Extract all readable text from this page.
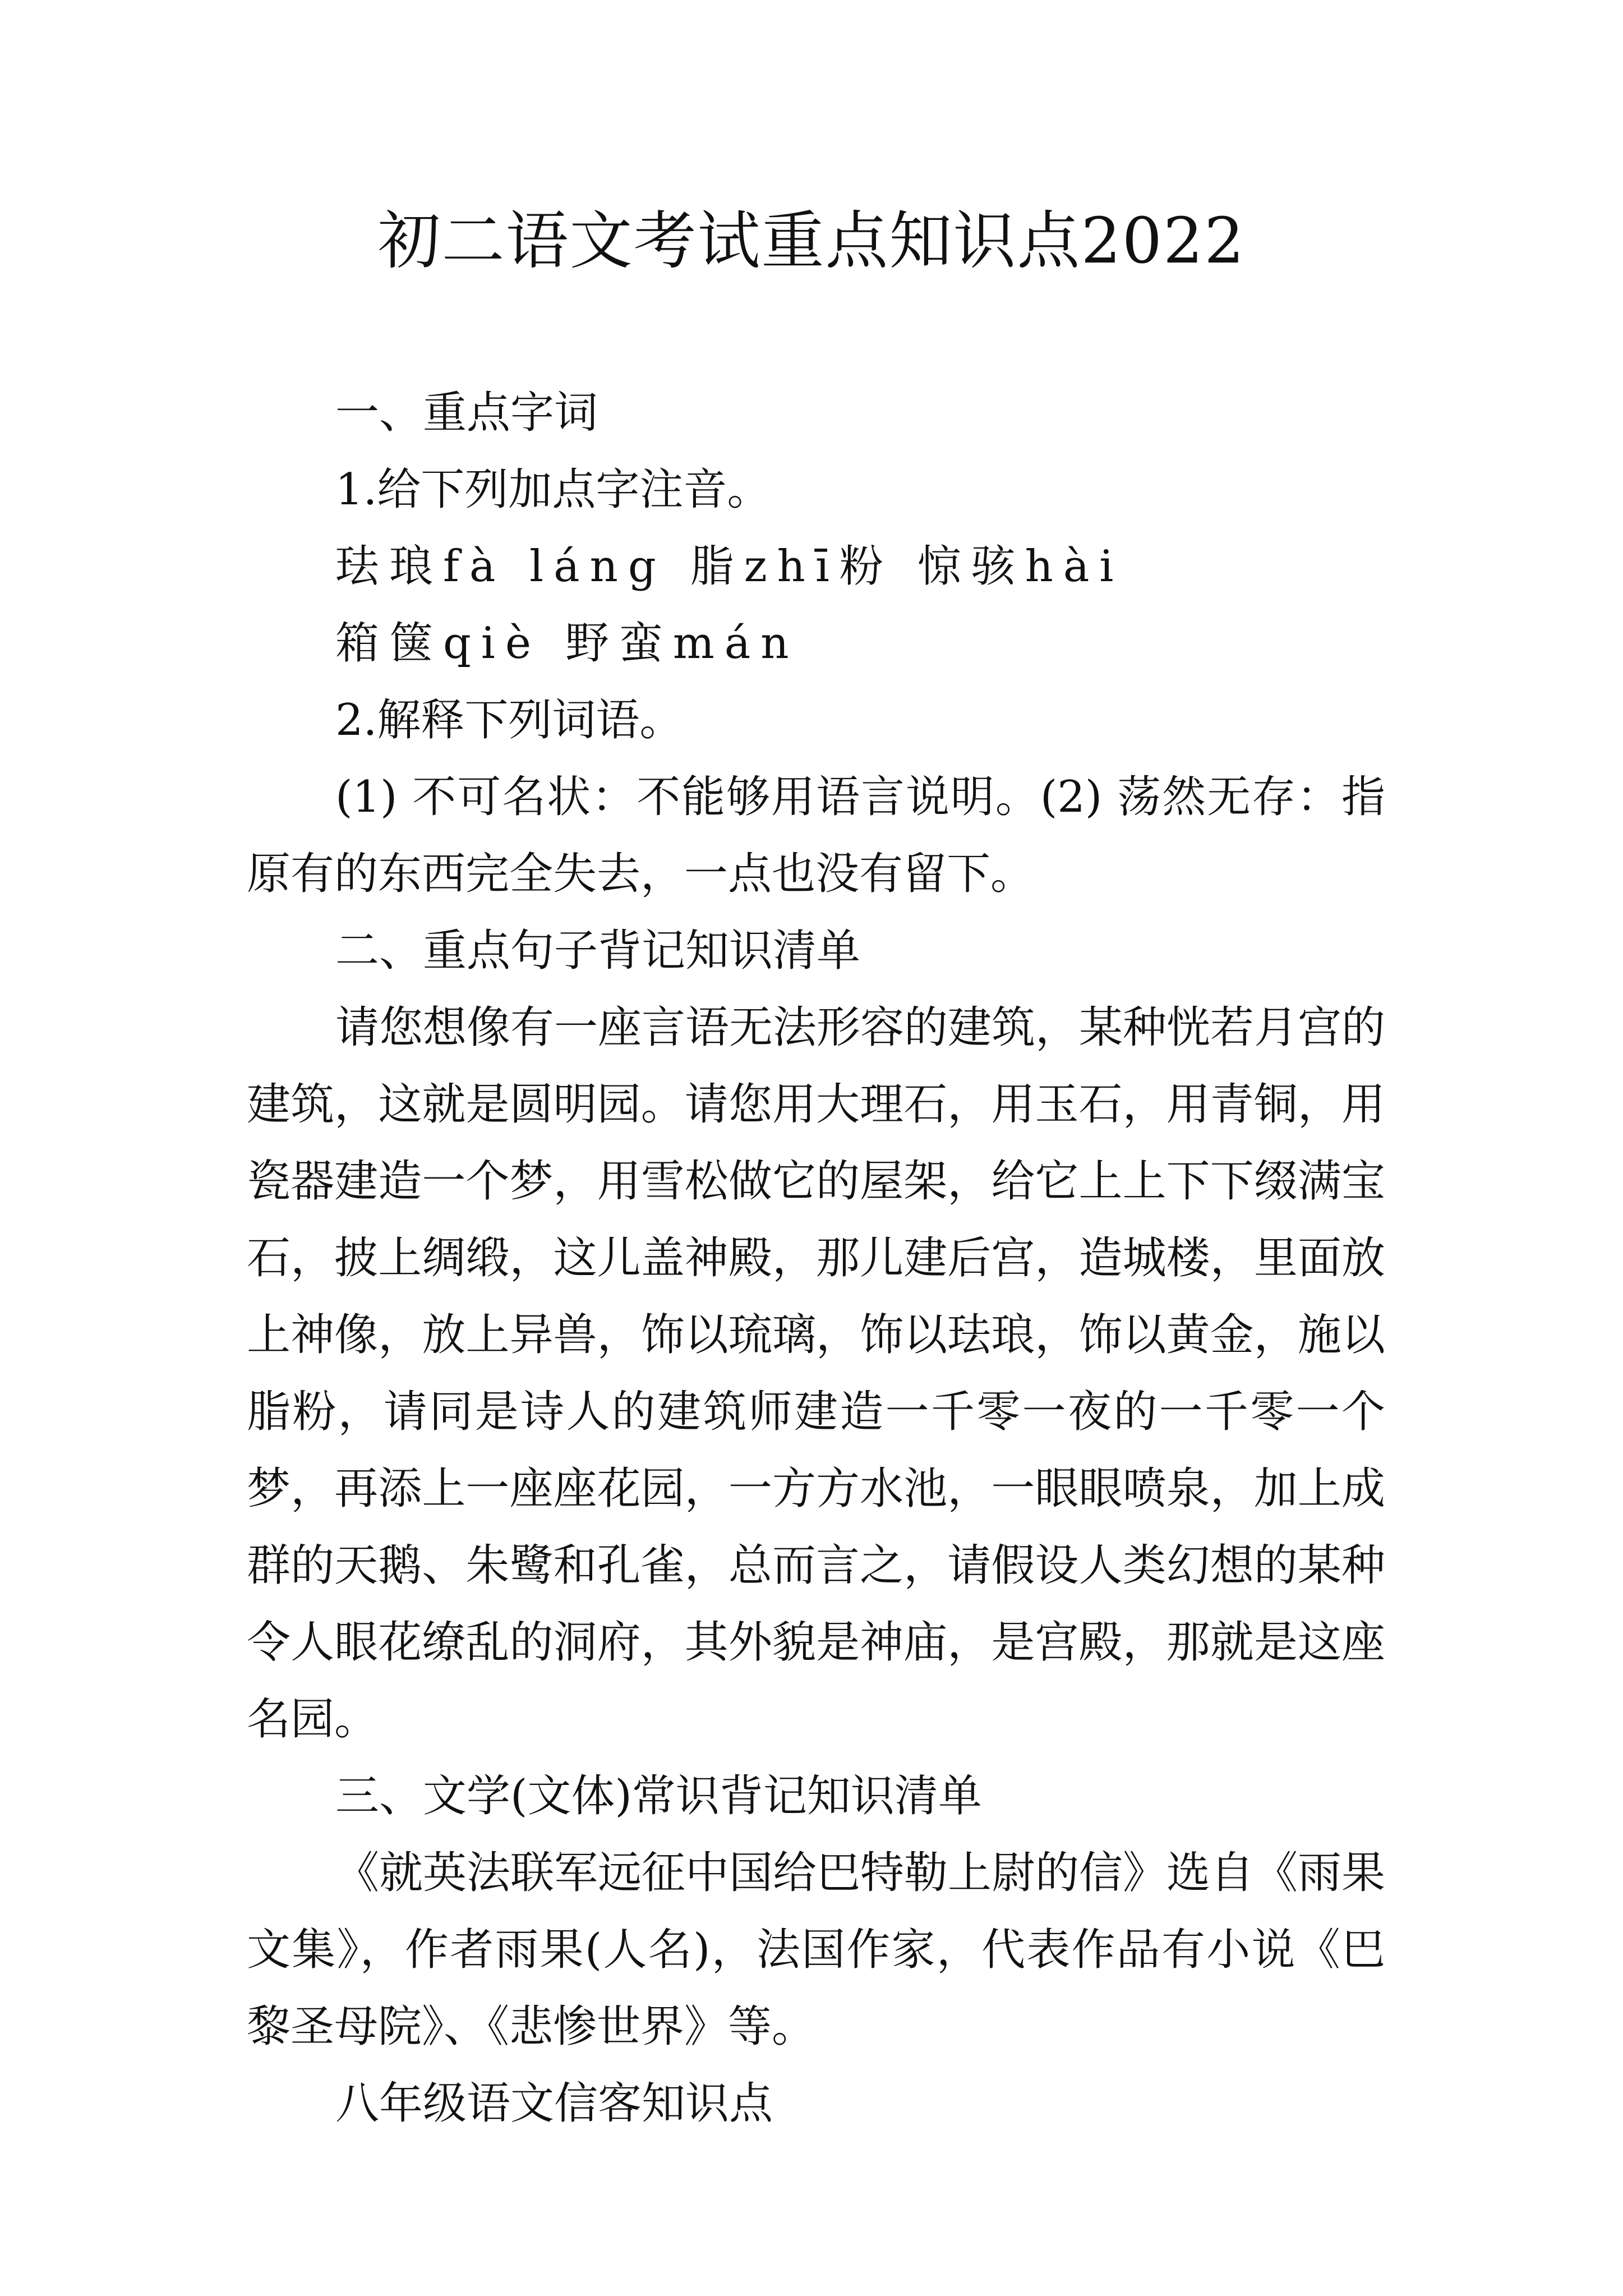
初二语文考试重点知识点2022

一、重点字词

1.给下列加点字注音。

珐琅fà láng 脂zhī粉 惊骇hài

箱箧qiè 野蛮mán

2.解释下列词语。

(1) 不可名状：不能够用语言说明。(2) 荡然无存：指原有的东西完全失去，一点也没有留下。

二、重点句子背记知识清单

请您想像有一座言语无法形容的建筑，某种恍若月宫的建筑，这就是圆明园。请您用大理石，用玉石，用青铜，用瓷器建造一个梦，用雪松做它的屋架，给它上上下下缀满宝石，披上绸缎，这儿盖神殿，那儿建后宫，造城楼，里面放上神像，放上异兽，饰以琉璃，饰以珐琅，饰以黄金，施以脂粉，请同是诗人的建筑师建造一千零一夜的一千零一个梦，再添上一座座花园，一方方水池，一眼眼喷泉，加上成群的天鹅、朱鹭和孔雀，总而言之，请假设人类幻想的某种令人眼花缭乱的洞府，其外貌是神庙，是宫殿，那就是这座名园。

三、文学(文体)常识背记知识清单

《就英法联军远征中国给巴特勒上尉的信》选自《雨果文集》，作者雨果(人名)，法国作家，代表作品有小说《巴黎圣母院》、《悲惨世界》等。

八年级语文信客知识点
